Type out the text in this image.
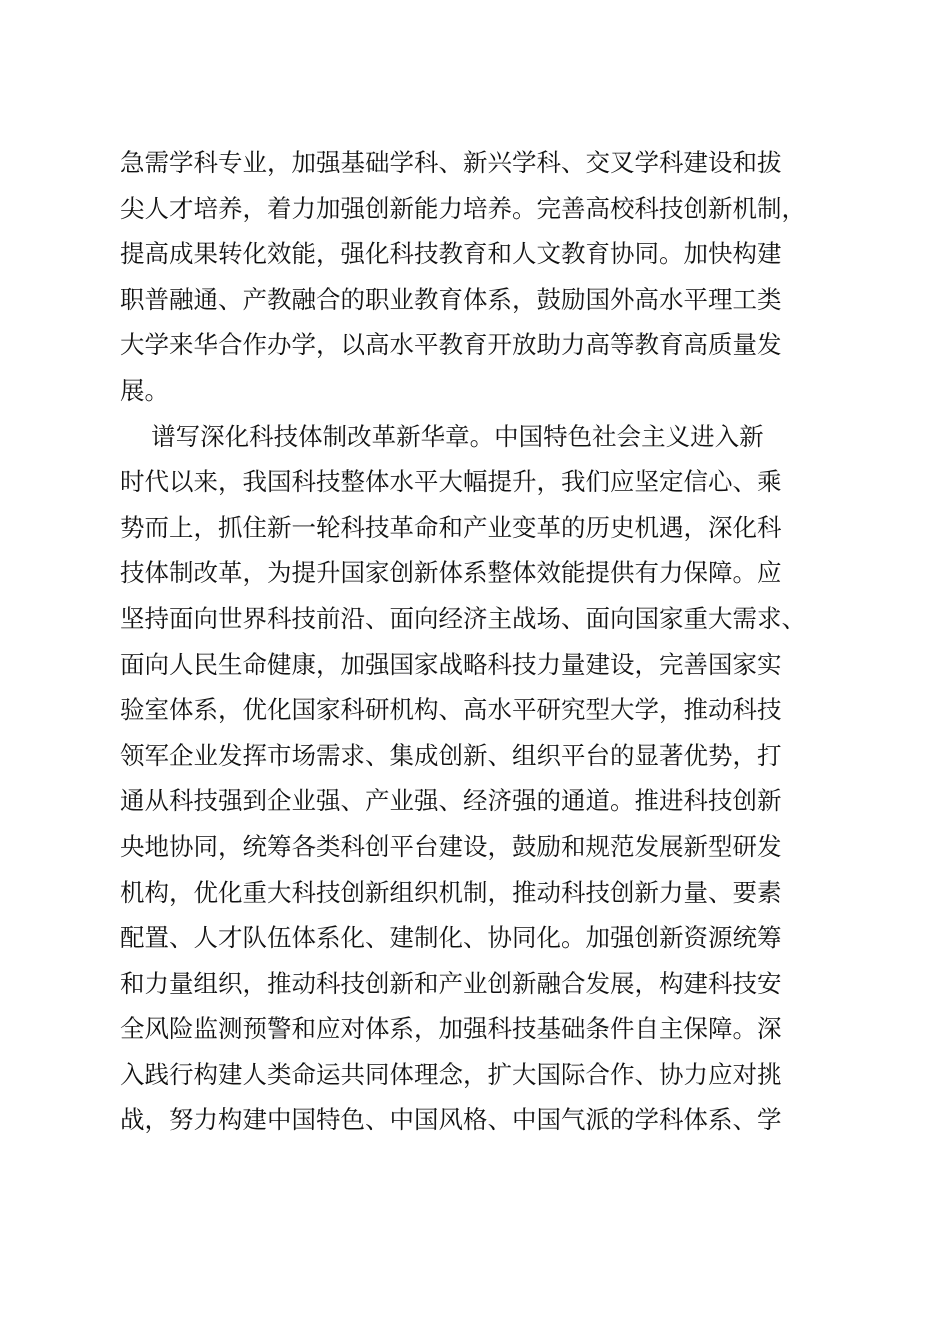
急需学科专业，加强基础学科、新兴学科、交叉学科建设和拔
尖人才培养，着力加强创新能力培养。完善高校科技创新机制，
提高成果转化效能，强化科技教育和人文教育协同。加快构建
职普融通、产教融合的职业教育体系，鼓励国外高水平理工类
大学来华合作办学，以高水平教育开放助力高等教育高质量发
展。
谱写深化科技体制改革新华章。中国特色社会主义进入新
时代以来，我国科技整体水平大幅提升，我们应坚定信心、乘
势而上，抓住新一轮科技革命和产业变革的历史机遇，深化科
技体制改革，为提升国家创新体系整体效能提供有力保障。应
坚持面向世界科技前沿、面向经济主战场、面向国家重大需求、
面向人民生命健康，加强国家战略科技力量建设，完善国家实
验室体系，优化国家科研机构、高水平研究型大学，推动科技
领军企业发挥市场需求、集成创新、组织平台的显著优势，打
通从科技强到企业强、产业强、经济强的通道。推进科技创新
央地协同，统筹各类科创平台建设，鼓励和规范发展新型研发
机构，优化重大科技创新组织机制，推动科技创新力量、要素
配置、人才队伍体系化、建制化、协同化。加强创新资源统筹
和力量组织，推动科技创新和产业创新融合发展，构建科技安
全风险监测预警和应对体系，加强科技基础条件自主保障。深
入践行构建人类命运共同体理念，扩大国际合作、协力应对挑
战，努力构建中国特色、中国风格、中国气派的学科体系、学
